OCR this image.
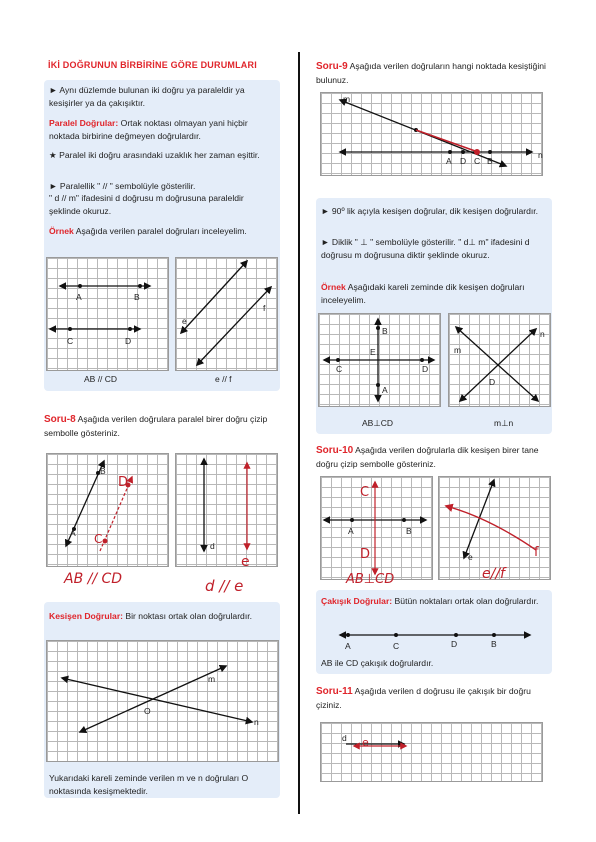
İKİ DOĞRUNUN BİRBİRİNE GÖRE DURUMLARI
► Aynı düzlemde bulunan iki doğru ya paraleldir ya kesişirler ya da çakışıktır.
Paralel Doğrular: Ortak noktası olmayan yani hiçbir noktada birbirine değmeyen doğrulardır.
★ Paralel iki doğru arasındaki uzaklık her zaman eşittir.
► Paralellik " // " sembolüyle gösterilir.
" d // m" ifadesini d doğrusu m doğrusuna paraleldir şeklinde okuruz.
Örnek Aşağıda verilen paralel doğruları inceleyelim.
A	B
C	D
AB // CD
e
f
e // f
Soru-8 Aşağıda verilen doğrulara paralel birer doğru çizip sembolle gösteriniz.
B
A C
D
AB // CD
d
e
d // e
Kesişen Doğrular: Bir noktası ortak olan doğrulardır.
m
n
O
Yukarıdaki kareli zeminde verilen m ve n doğruları O noktasında kesişmektedir.
Soru-9 Aşağıda verilen doğruların hangi noktada kesiştiğini bulunuz.
m
n
A D C B
► 90º lik açıyla kesişen doğrular, dik kesişen doğrulardır.
► Diklik " ⊥ " sembolüyle gösterilir. " d⊥ m" ifadesini d doğrusu m doğrusuna diktir şeklinde okuruz.
Örnek Aşağıdaki kareli zeminde dik kesişen doğruları inceleyelim.
B
E
C	D
A
AB⊥CD
m
n
D
m⊥n
Soru-10 Aşağıda verilen doğrularla dik kesişen birer tane doğru çizip sembolle gösteriniz.
A	B
C
D
AB⊥CD
e	f
e//f
Çakışık Doğrular: Bütün noktaları ortak olan doğrulardır.
A	C	D	B
AB ile CD çakışık doğrulardır.
Soru-11 Aşağıda verilen d doğrusu ile çakışık bir doğru çiziniz.
d e
